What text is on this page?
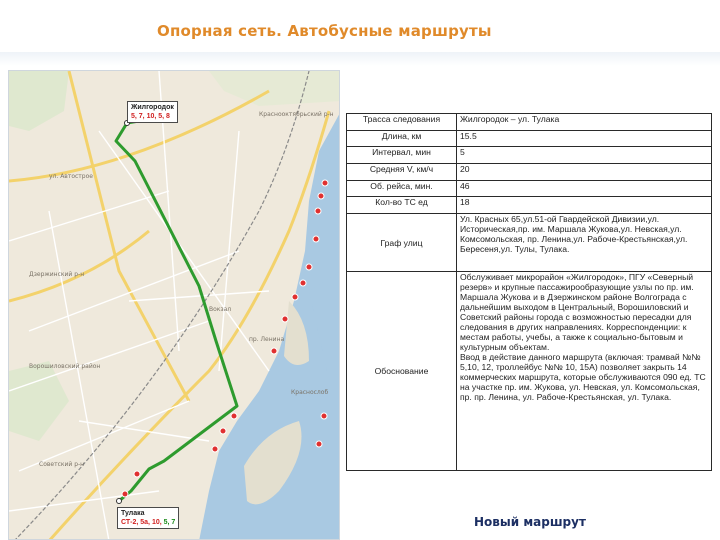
Опорная сеть. Автобусные маршруты
Краснооктябрьский р-н
ул. Автострое
Вокзал
пр. Ленина
Краснослоб
Дзержинский р-н
Ворошиловский район
Советский р-н
Жилгородок
5, 7, 10, 5, 8
Тулака
СТ-2, 5а, 10, 5, 7
Трасса следования	Жилгородок – ул. Тулака
Длина, км	15.5
Интервал, мин	5
Средняя V, км/ч	20
Об. рейса, мин.	46
Кол-во ТС ед	18
Граф улиц	Ул. Красных 65,ул.51-ой Гвардейской Дивизии,ул. Историческая,пр. им. Маршала Жукова,ул. Невская,ул. Комсомольская, пр. Ленина,ул. Рабоче-Крестьянская,ул. Бересеня,ул. Тулы, Тулака.
Обоснование	Обслуживает микрорайон «Жилгородок», ПГУ «Северный резерв» и крупные пассажирообразующие узлы по пр. им. Маршала Жукова и в Дзержинском районе Волгограда с дальнейшим выходом в Центральный, Ворошиловский и Советский районы города с возможностью пересадки для следования в других направлениях. Корреспонденции: к местам работы, учебы, а также к социально-бытовым и культурным объектам.
Ввод в действие данного маршрута (включая: трамвай №№ 5,10, 12, троллейбус №№ 10, 15А) позволяет закрыть 14 коммерческих маршрута, которые обслуживаются 090 ед. ТС на участке пр. им. Жукова, ул. Невская, ул. Комсомольская, пр. пр. Ленина, ул. Рабоче-Крестьянская, ул. Тулака.
Новый маршрут
